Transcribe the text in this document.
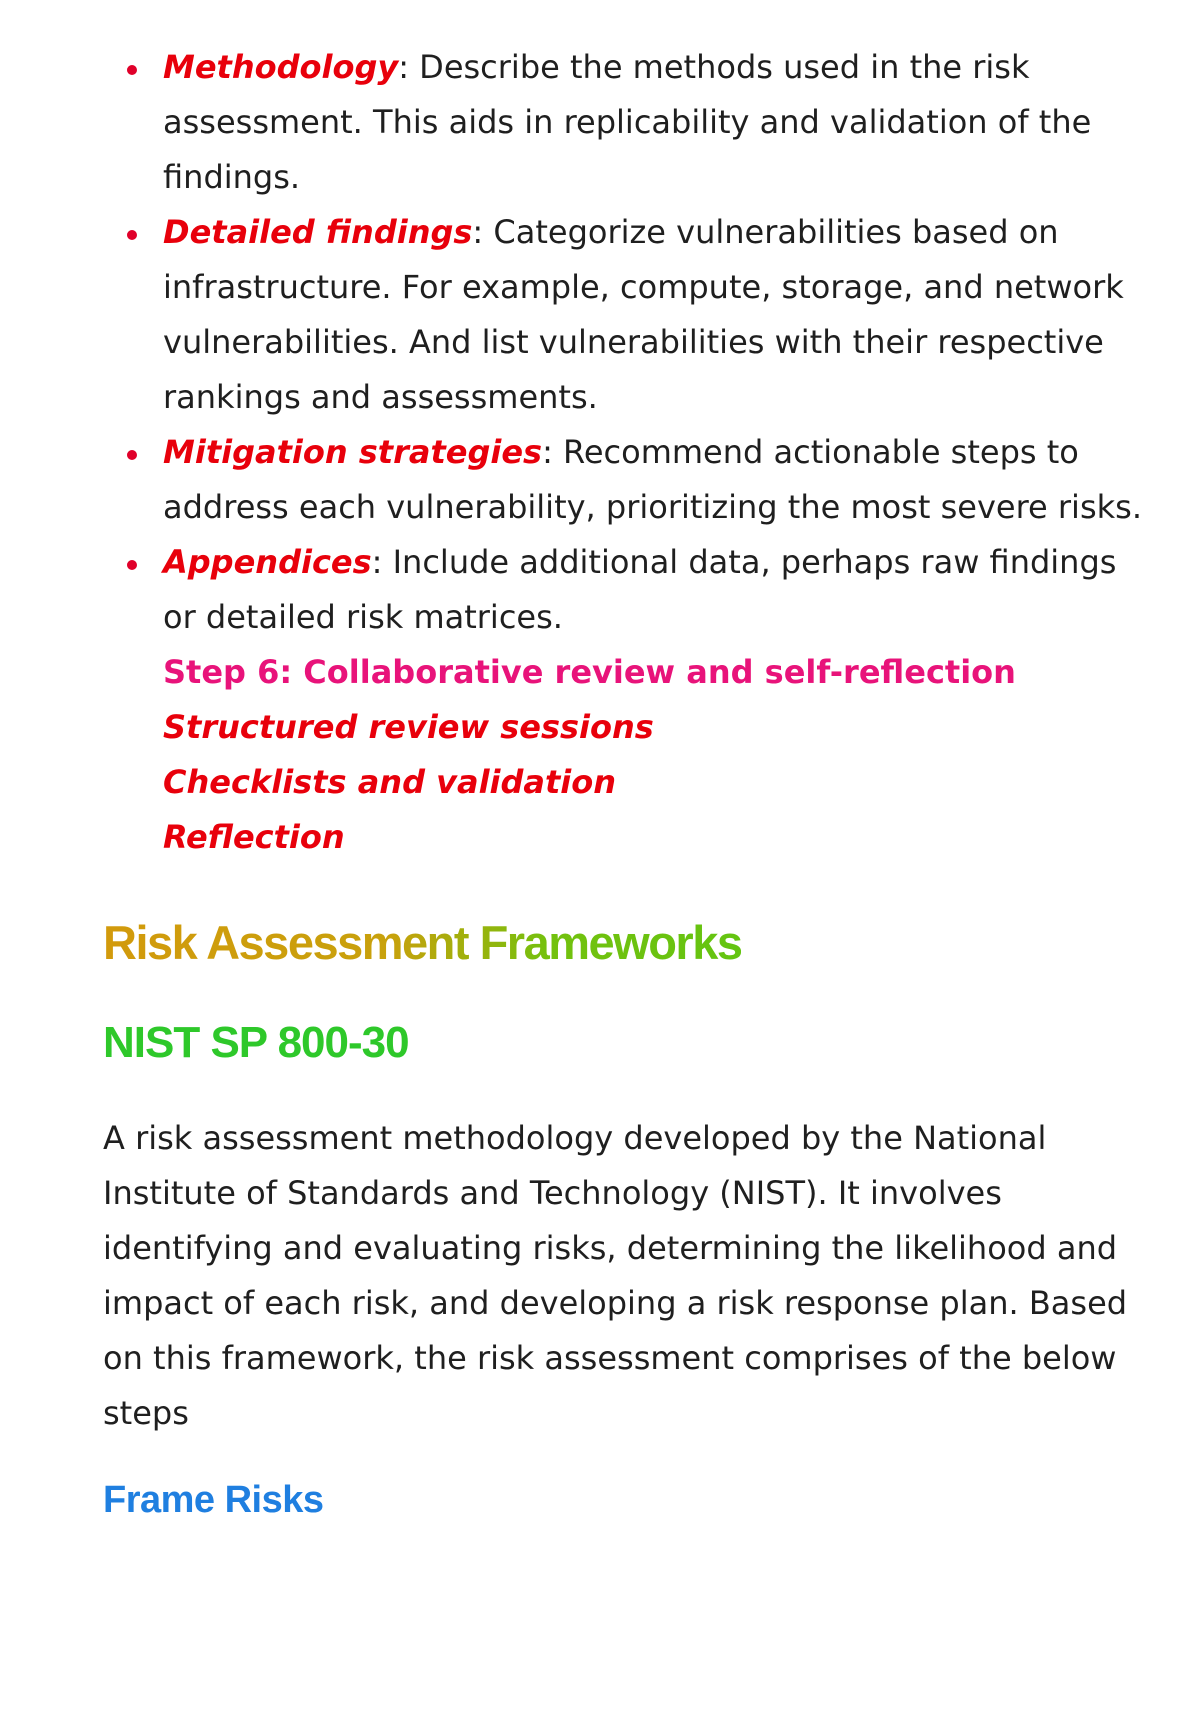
Methodology: Describe the methods used in the risk assessment. This aids in replicability and validation of the findings.
Detailed findings: Categorize vulnerabilities based on infrastructure. For example, compute, storage, and network vulnerabilities. And list vulnerabilities with their respective rankings and assessments.
Mitigation strategies: Recommend actionable steps to address each vulnerability, prioritizing the most severe risks.
Appendices: Include additional data, perhaps raw findings or detailed risk matrices.
Step 6: Collaborative review and self-reflection
Structured review sessions
Checklists and validation
Reflection
Risk Assessment Frameworks
NIST SP 800-30
A risk assessment methodology developed by the National Institute of Standards and Technology (NIST). It involves identifying and evaluating risks, determining the likelihood and impact of each risk, and developing a risk response plan. Based on this framework, the risk assessment comprises of the below steps
Frame Risks
